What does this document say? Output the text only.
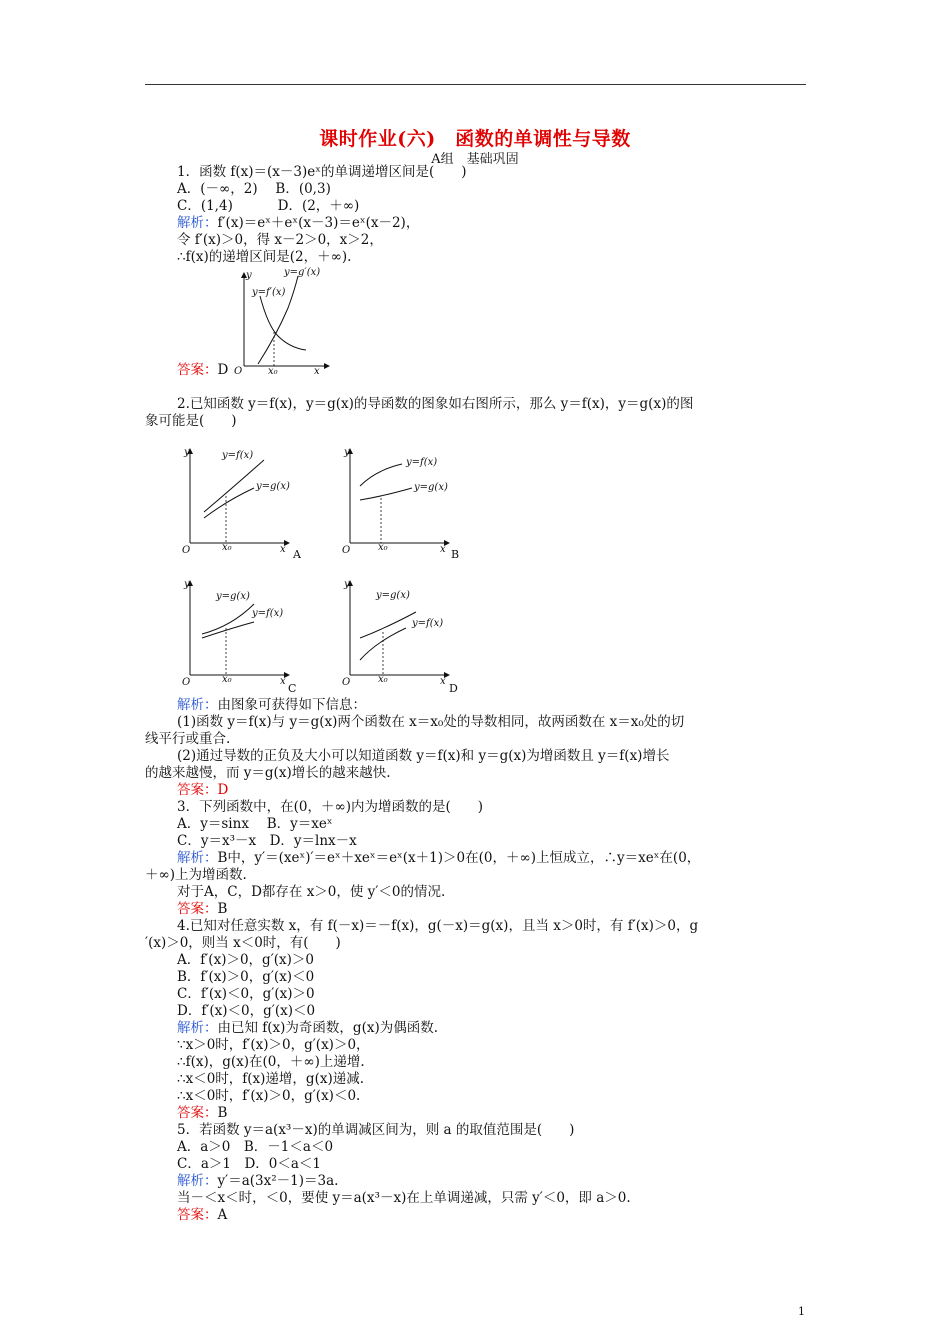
课时作业(六)　函数的单调性与导数
A组　基础巩固
1．函数 f(x)＝(x－3)eˣ的单调递增区间是(　　)
A．(－∞，2)　 B．(0,3)
C．(1,4)　　　 D．(2，＋∞)
解析：f′(x)＝eˣ＋eˣ(x－3)＝eˣ(x－2)，
令 f′(x)＞0，得 x－2＞0，x＞2，
∴f(x)的递增区间是(2，＋∞).
y
x
O	x₀
y=g′(x)
y=f′(x)
答案：D
2.已知函数 y＝f(x)，y＝g(x)的导函数的图象如右图所示，那么 y＝f(x)，y＝g(x)的图
象可能是(　　)
y
O	x₀	x
y=f(x)
y=g(x)
A
y
O	x₀	x
y=f(x)
y=g(x)
B
y
O	x₀	x
y=g(x)
y=f(x)
C
y
O	x₀	x
y=g(x)
y=f(x)
D
解析：由图象可获得如下信息：
(1)函数 y＝f(x)与 y＝g(x)两个函数在 x＝x₀处的导数相同，故两函数在 x＝x₀处的切
线平行或重合.
(2)通过导数的正负及大小可以知道函数 y＝f(x)和 y＝g(x)为增函数且 y＝f(x)增长
的越来越慢，而 y＝g(x)增长的越来越快.
答案：D
3．下列函数中，在(0，＋∞)内为增函数的是(　　)
A．y＝sinx　 B．y＝xeˣ
C．y＝x³－x　D．y＝lnx－x
解析：B中，y′＝(xeˣ)′＝eˣ＋xeˣ＝eˣ(x＋1)＞0在(0，＋∞)上恒成立，∴y＝xeˣ在(0，
＋∞)上为增函数.
对于A，C，D都存在 x＞0，使 y′＜0的情况.
答案：B
4.已知对任意实数 x，有 f(－x)＝－f(x)，g(－x)＝g(x)，且当 x＞0时，有 f′(x)＞0，g
′(x)＞0，则当 x＜0时，有(　　)
A．f′(x)＞0，g′(x)＞0
B．f′(x)＞0，g′(x)＜0
C．f′(x)＜0，g′(x)＞0
D．f′(x)＜0，g′(x)＜0
解析：由已知 f(x)为奇函数，g(x)为偶函数.
∵x＞0时，f′(x)＞0，g′(x)＞0，
∴f(x)，g(x)在(0，＋∞)上递增.
∴x＜0时，f(x)递增，g(x)递减.
∴x＜0时，f′(x)＞0，g′(x)＜0.
答案：B
5．若函数 y＝a(x³－x)的单调减区间为，则 a 的取值范围是(　　)
A．a＞0　B．－1＜a＜0
C．a＞1　D．0＜a＜1
解析：y′＝a(3x²－1)＝3a.
当－＜x＜时，＜0，要使 y＝a(x³－x)在上单调递减，只需 y′＜0，即 a＞0.
答案：A
1
